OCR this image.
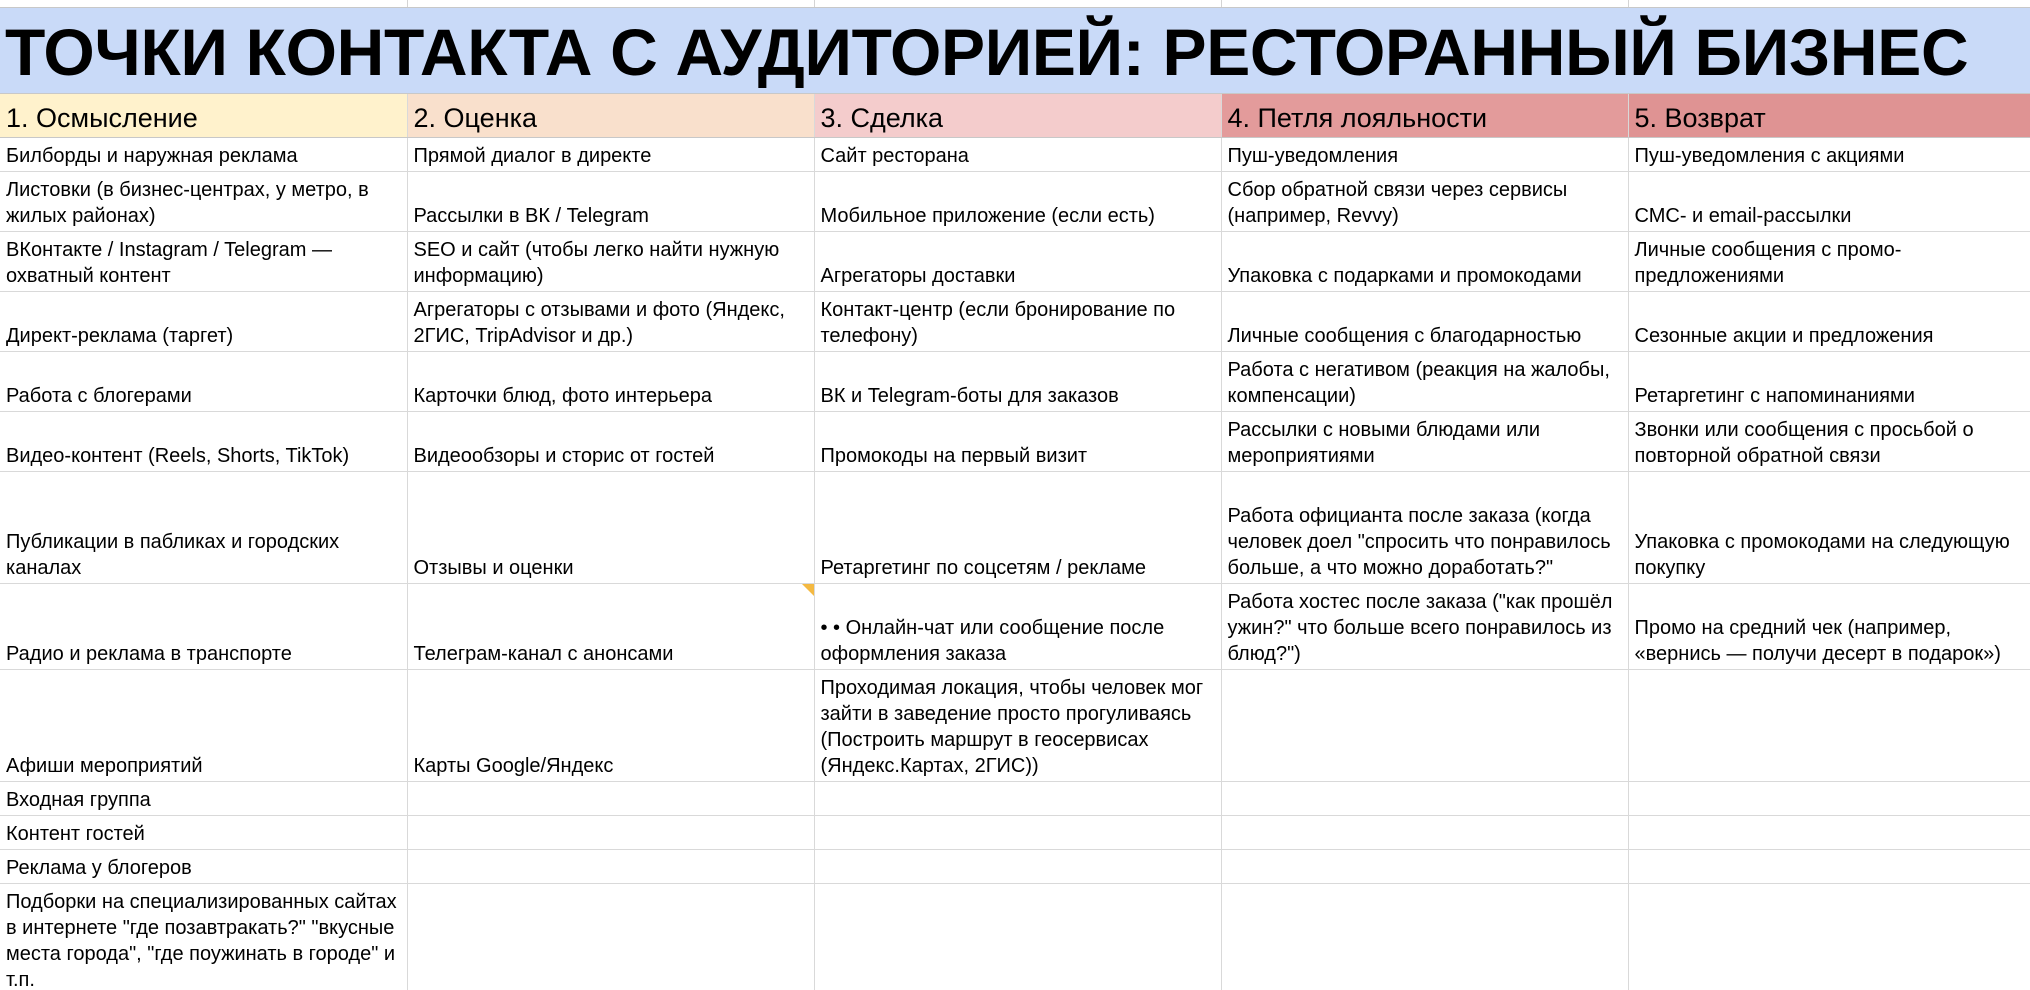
ТОЧКИ КОНТАКТА С АУДИТОРИЕЙ: РЕСТОРАННЫЙ БИЗНЕС
1. Осмысление	2. Оценка	3. Сделка	4. Петля лояльности	5. Возврат
Билборды и наружная реклама	Прямой диалог в директе	Сайт ресторана	Пуш-уведомления	Пуш-уведомления с акциями
Листовки (в бизнес-центрах, у метро, в жилых районах)	Рассылки в ВК / Telegram	Мобильное приложение (если есть)	Сбор обратной связи через сервисы (например, Revvy)	СМС- и email-рассылки
ВКонтакте / Instagram / Telegram — охватный контент	SEO и сайт (чтобы легко найти нужную информацию)	Агрегаторы доставки	Упаковка с подарками и промокодами	Личные сообщения с промо-предложениями
Директ-реклама (таргет)	Агрегаторы с отзывами и фото (Яндекс, 2ГИС, TripAdvisor и др.)	Контакт-центр (если бронирование по телефону)	Личные сообщения с благодарностью	Сезонные акции и предложения
Работа с блогерами	Карточки блюд, фото интерьера	ВК и Telegram-боты для заказов	Работа с негативом (реакция на жалобы, компенсации)	Ретаргетинг с напоминаниями
Видео-контент (Reels, Shorts, TikTok)	Видеообзоры и сторис от гостей	Промокоды на первый визит	Рассылки с новыми блюдами или мероприятиями	Звонки или сообщения с просьбой о повторной обратной связи
Публикации в пабликах и городских каналах	Отзывы и оценки	Ретаргетинг по соцсетям / рекламе	Работа официанта после заказа (когда человек доел "спросить что понравилось больше, а что можно доработать?"	Упаковка с промокодами на следующую покупку
Радио и реклама в транспорте	Телеграм-канал с анонсами	• • Онлайн-чат или сообщение после оформления заказа	Работа хостес после заказа ("как прошёл ужин?" что больше всего понравилось из блюд?")	Промо на средний чек (например, «вернись — получи десерт в подарок»)
Афиши мероприятий	Карты Google/Яндекс	Проходимая локация, чтобы человек мог зайти в заведение просто прогуливаясь (Построить маршрут в геосервисах (Яндекс.Картах, 2ГИС))		
Входная группа				
Контент гостей				
Реклама у блогеров				
Подборки на специализированных сайтах в интернете "где позавтракать?" "вкусные места города", "где поужинать в городе" и т.п.				
